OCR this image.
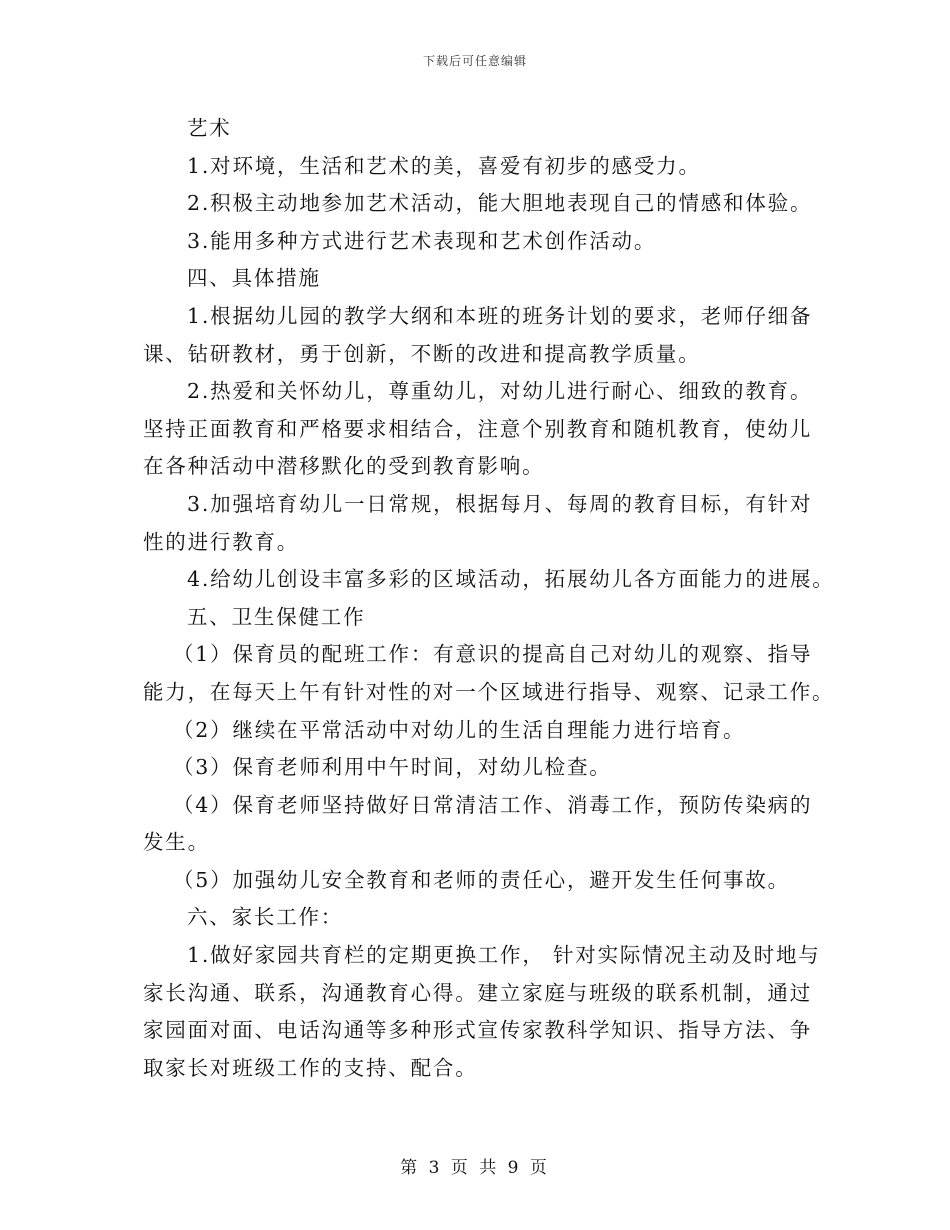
下载后可任意编辑
艺术
1.对环境，生活和艺术的美，喜爱有初步的感受力。
2.积极主动地参加艺术活动，能大胆地表现自己的情感和体验。
3.能用多种方式进行艺术表现和艺术创作活动。
四、具体措施
1.根据幼儿园的教学大纲和本班的班务计划的要求，老师仔细备
课、钻研教材，勇于创新，不断的改进和提高教学质量。
2.热爱和关怀幼儿，尊重幼儿，对幼儿进行耐心、细致的教育。
坚持正面教育和严格要求相结合，注意个别教育和随机教育，使幼儿
在各种活动中潜移默化的受到教育影响。
3.加强培育幼儿一日常规，根据每月、每周的教育目标，有针对
性的进行教育。
4.给幼儿创设丰富多彩的区域活动，拓展幼儿各方面能力的进展。
五、卫生保健工作
（1）保育员的配班工作：有意识的提高自己对幼儿的观察、指导
能力，在每天上午有针对性的对一个区域进行指导、观察、记录工作。
（2）继续在平常活动中对幼儿的生活自理能力进行培育。
（3）保育老师利用中午时间，对幼儿检查。
（4）保育老师坚持做好日常清洁工作、消毒工作，预防传染病的
发生。
（5）加强幼儿安全教育和老师的责任心，避开发生任何事故。
六、家长工作：
1.做好家园共育栏的定期更换工作， 针对实际情况主动及时地与
家长沟通、联系，沟通教育心得。建立家庭与班级的联系机制，通过
家园面对面、电话沟通等多种形式宣传家教科学知识、指导方法、争
取家长对班级工作的支持、配合。
第 3 页 共 9 页
